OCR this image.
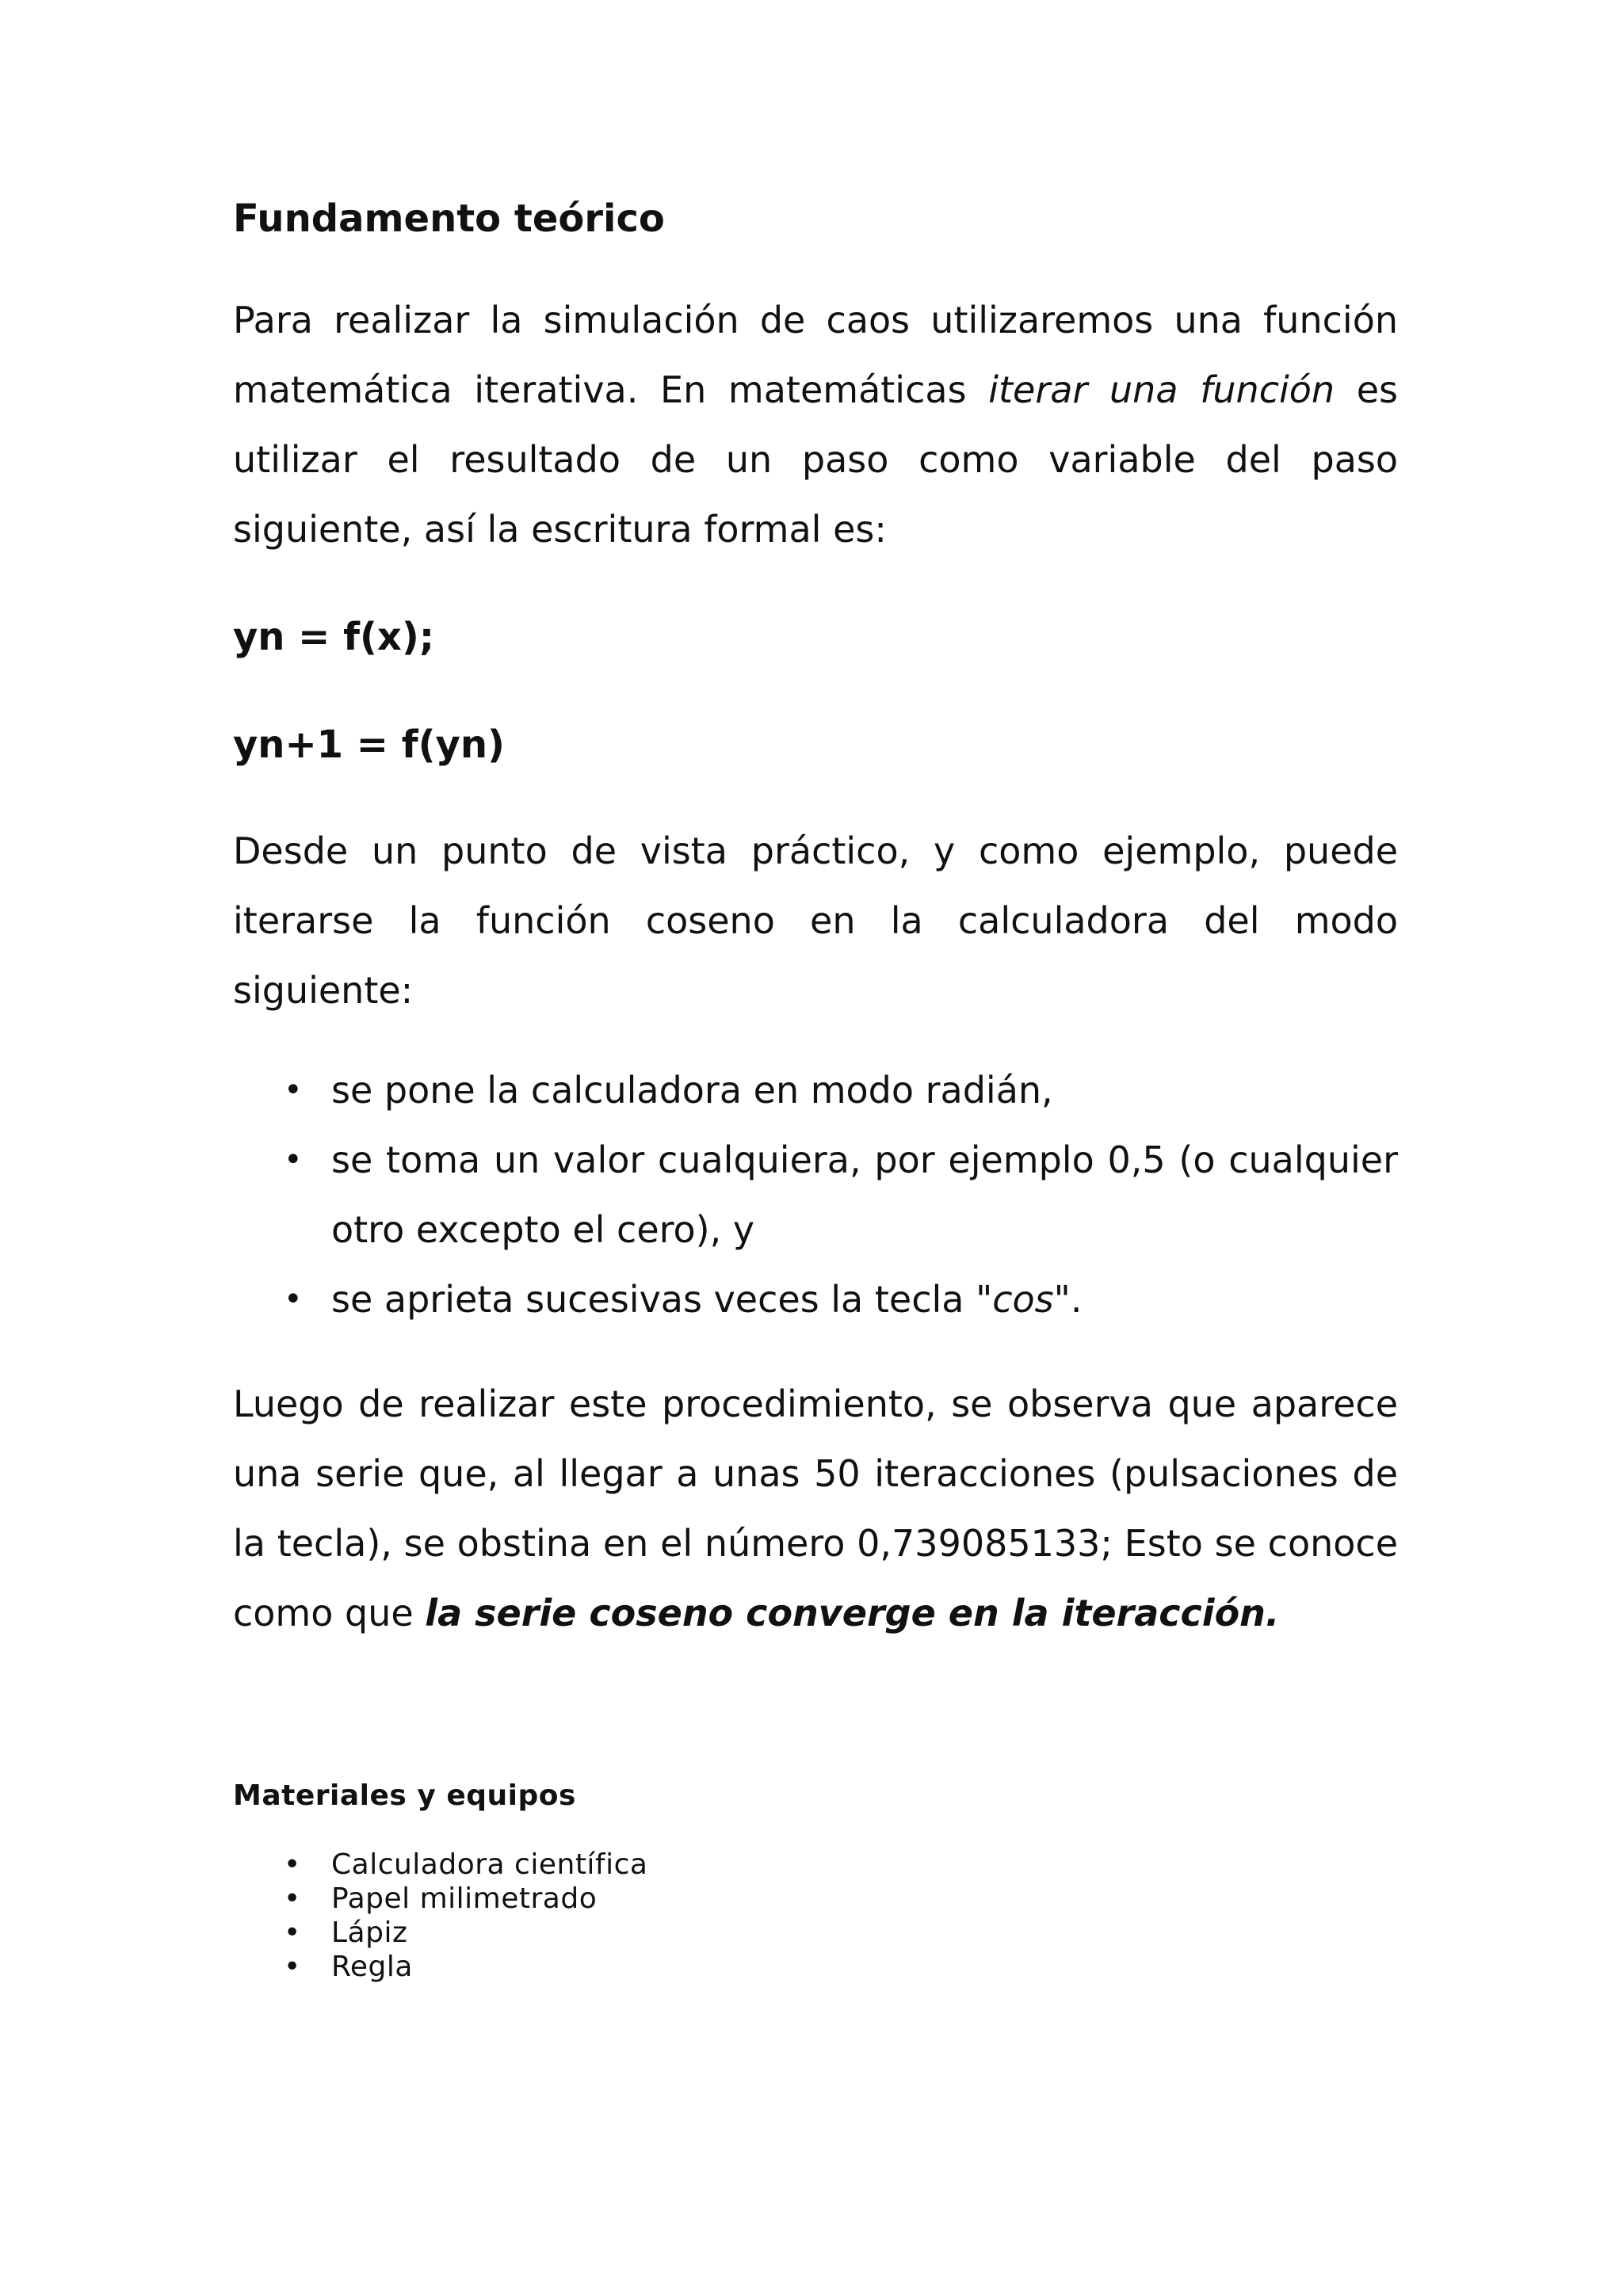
Fundamento teórico

Para realizar la simulación de caos utilizaremos una función matemática iterativa. En matemáticas iterar una función es utilizar el resultado de un paso como variable del paso siguiente, así la escritura formal es:

yn = f(x);
yn+1 = f(yn)

Desde un punto de vista práctico, y como ejemplo, puede iterarse la función coseno en la calculadora del modo siguiente:

• se pone la calculadora en modo radián,
• se toma un valor cualquiera, por ejemplo 0,5 (o cualquier otro excepto el cero), y
• se aprieta sucesivas veces la tecla "cos".

Luego de realizar este procedimiento, se observa que aparece una serie que, al llegar a unas 50 iteracciones (pulsaciones de la tecla), se obstina en el número 0,739085133; Esto se conoce como que la serie coseno converge en la iteracción.

Materiales y equipos
• Calculadora científica
• Papel milimetrado
• Lápiz
• Regla
